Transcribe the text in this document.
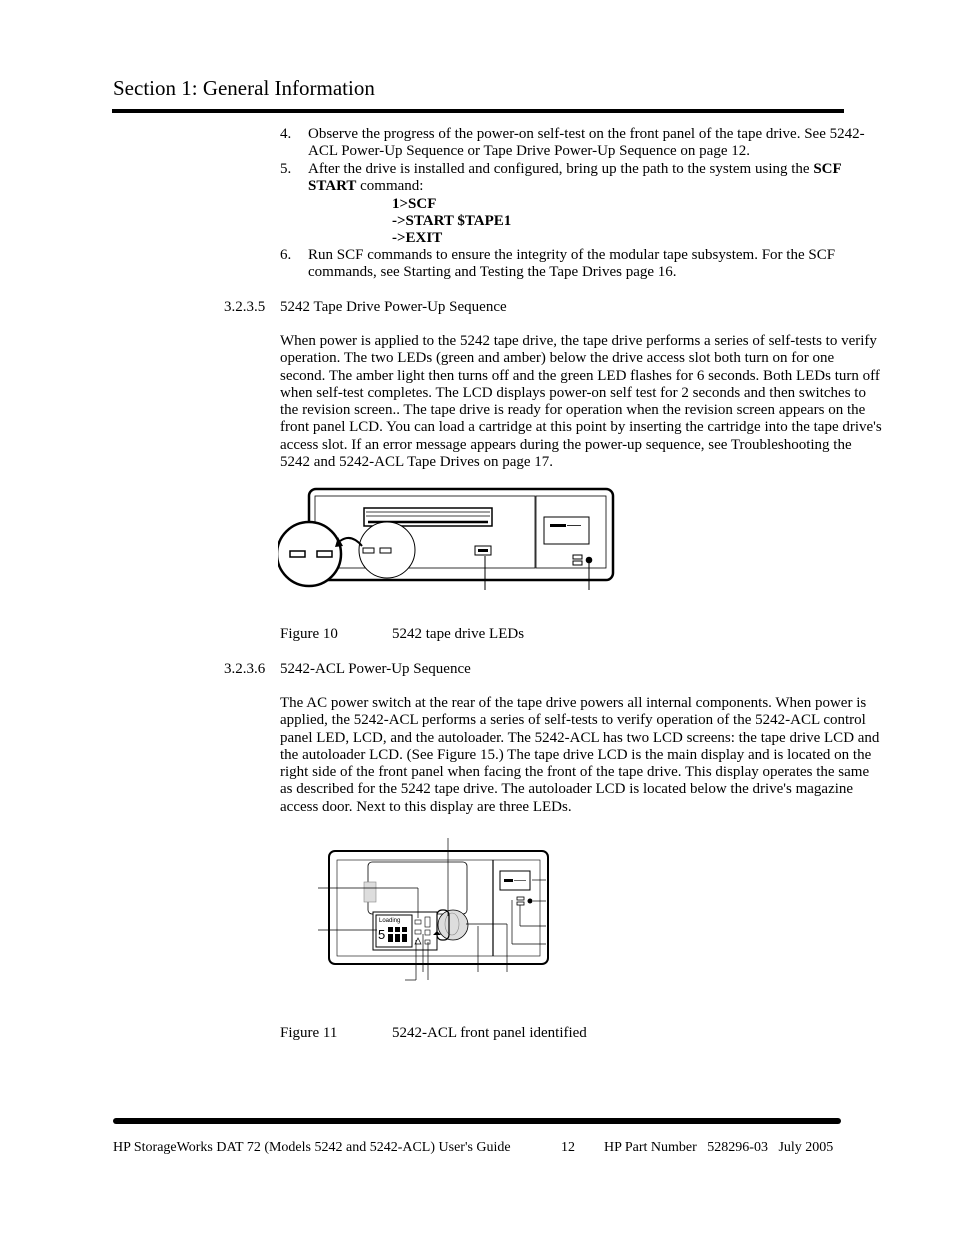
Section 1: General Information
4.	Observe the progress of the power-on self-test on the front panel of the tape drive. See 5242-ACL Power-Up Sequence or Tape Drive Power-Up Sequence on page 12.
5.	After the drive is installed and configured, bring up the path to the system using the SCF START command:
1>SCF
->START $TAPE1
->EXIT
6.	Run SCF commands to ensure the integrity of the modular tape subsystem. For the SCF commands, see Starting and Testing the Tape Drives page 16.
3.2.3.5 5242 Tape Drive Power-Up Sequence
When power is applied to the 5242 tape drive, the tape drive performs a series of self-tests to verify operation. The two LEDs (green and amber) below the drive access slot both turn on for one second. The amber light then turns off and the green LED flashes for 6 seconds. Both LEDs turn off when self-test completes. The LCD displays power-on self test for 2 seconds and then switches to the revision screen.. The tape drive is ready for operation when the revision screen appears on the front panel LCD. You can load a cartridge at this point by inserting the cartridge into the tape drive's access slot. If an error message appears during the power-up sequence, see Troubleshooting the 5242 and 5242-ACL Tape Drives on page 17.
Figure 10	5242 tape drive LEDs
3.2.3.6 5242-ACL Power-Up Sequence
The AC power switch at the rear of the tape drive powers all internal components. When power is applied, the 5242-ACL performs a series of self-tests to verify operation of the 5242-ACL control panel LED, LCD, and the autoloader. The 5242-ACL has two LCD screens: the tape drive LCD and the autoloader LCD. (See Figure 15.) The tape drive LCD is the main display and is located on the right side of the front panel when facing the front of the tape drive. This display operates the same as described for the 5242 tape drive. The autoloader LCD is located below the drive's magazine access door. Next to this display are three LEDs.
Loading
5
Figure 11	5242-ACL front panel identified
HP StorageWorks DAT 72 (Models 5242 and 5242-ACL) User's Guide	12 HP Part Number   528296-03   July 2005
